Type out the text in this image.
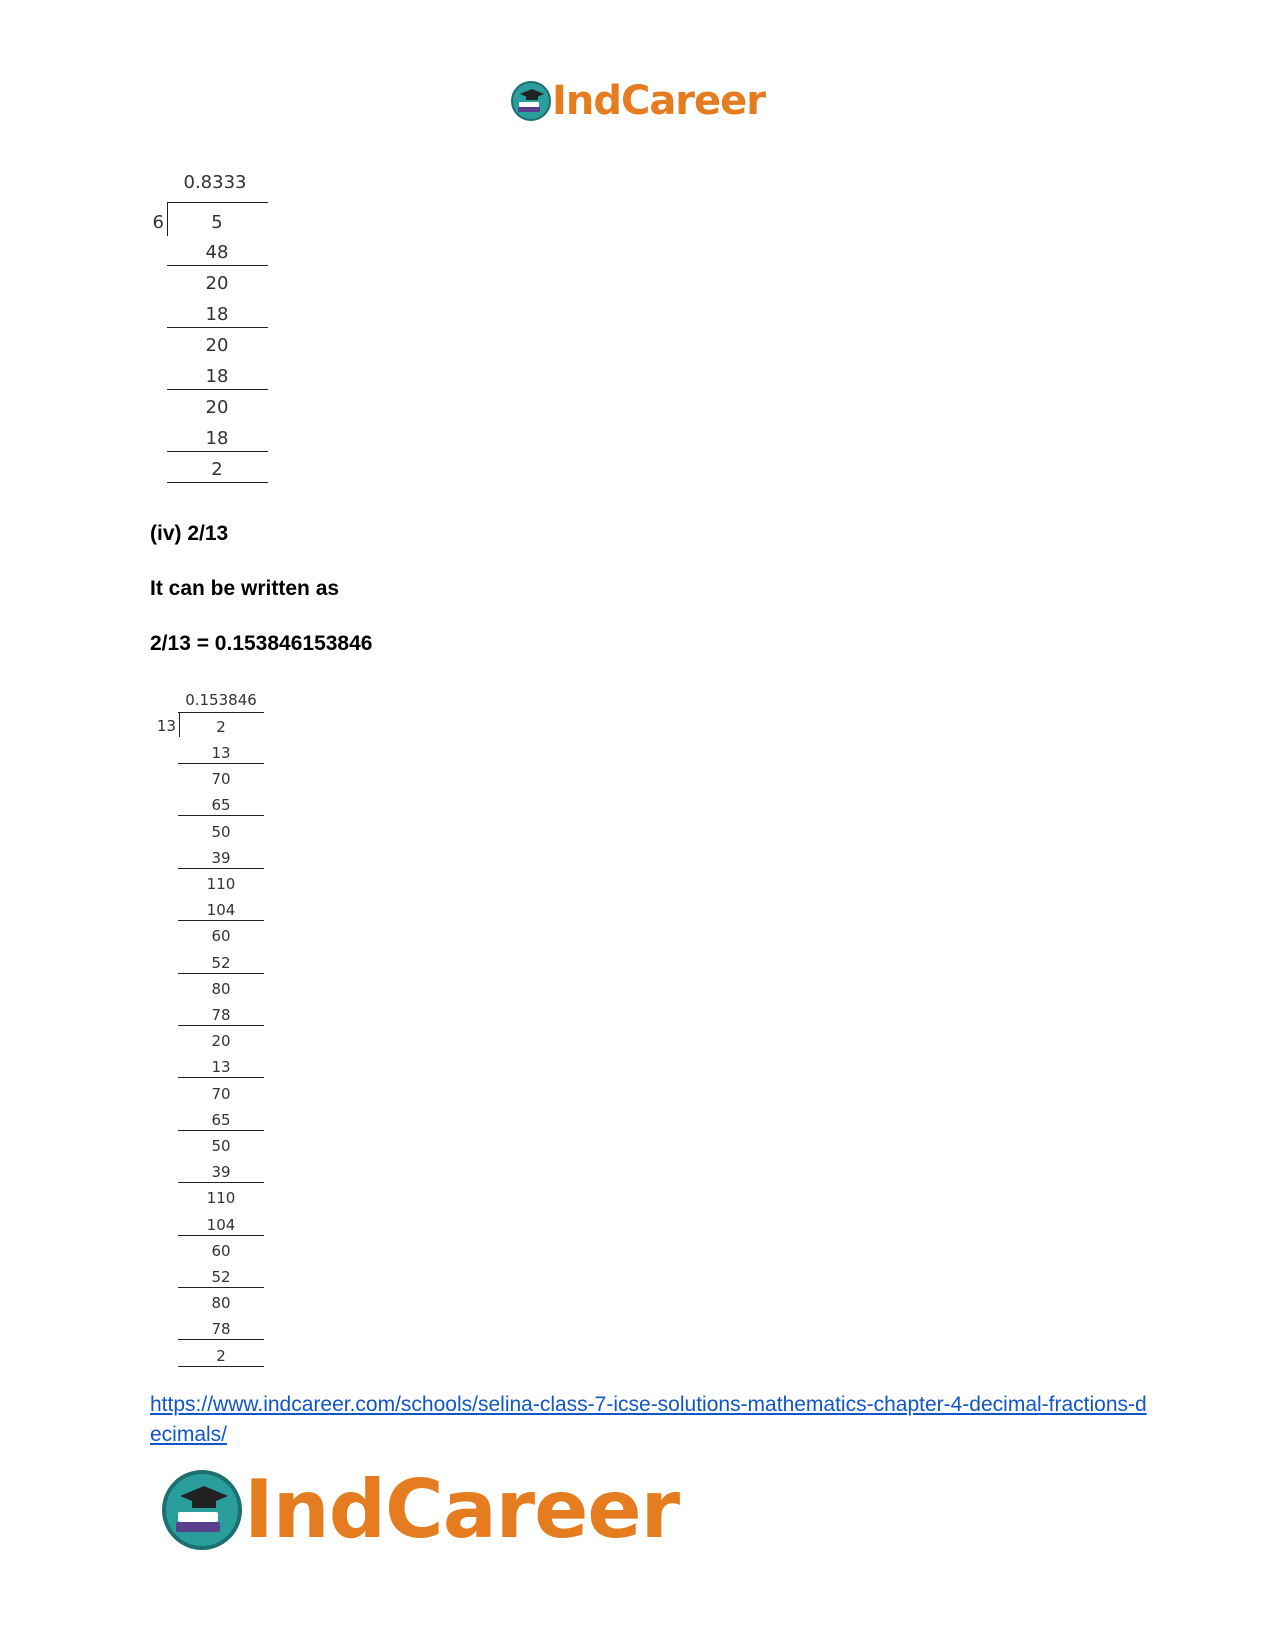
IndCareer
0.8333
6	5
48
20
18
20
18
20
18
2
(iv) 2/13
It can be written as
2/13 = 0.153846153846
0.153846
13	2
13
70
65
50
39
110
104
60
52
80
78
20
13
70
65
50
39
110
104
60
52
80
78
2
https://www.indcareer.com/schools/selina-class-7-icse-solutions-mathematics-chapter-4-decimal-fractions-decimals/
IndCareer
